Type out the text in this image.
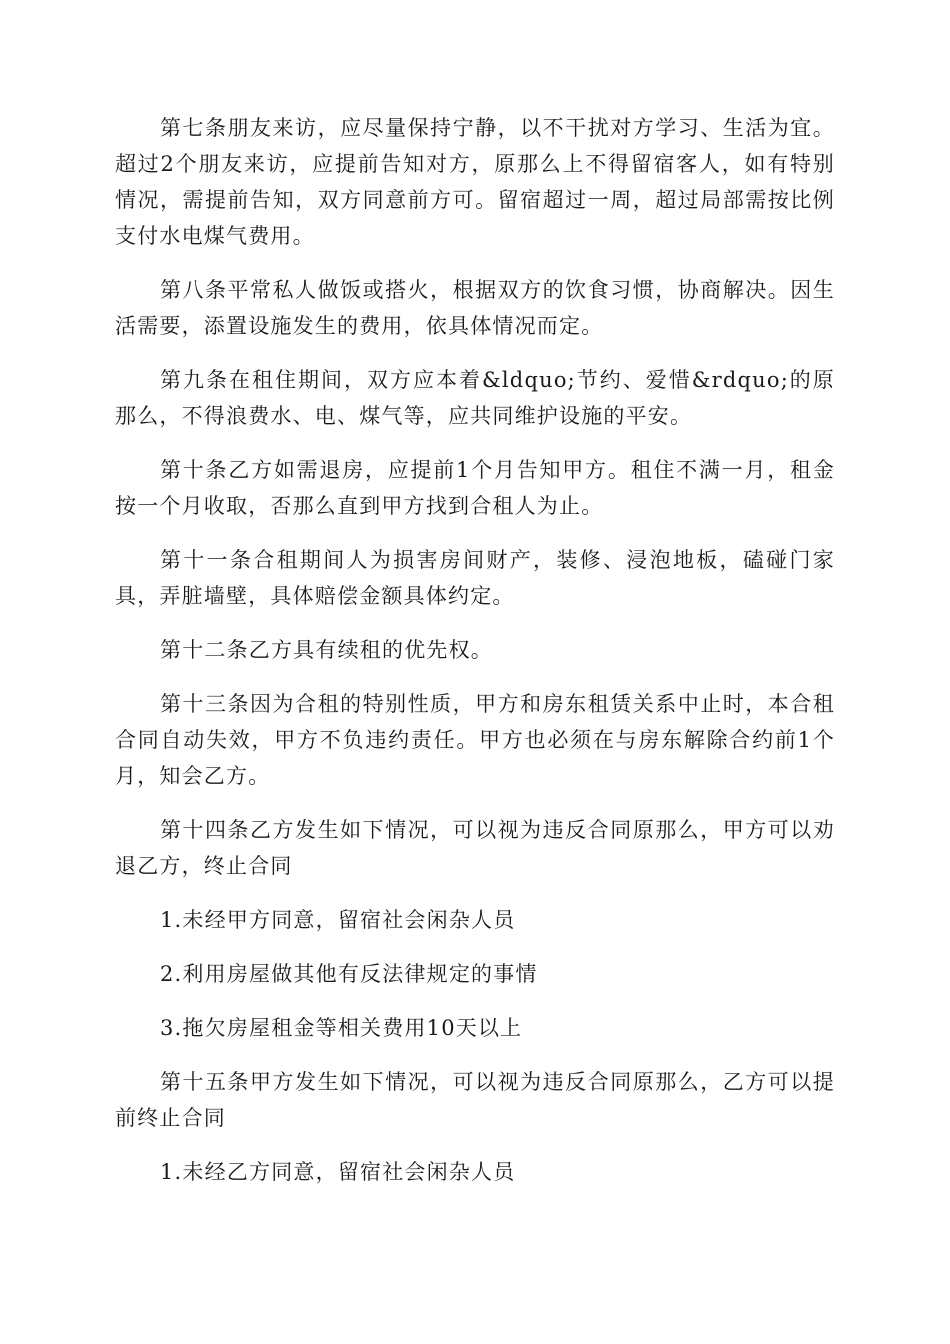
第七条朋友来访，应尽量保持宁静，以不干扰对方学习、生活为宜。超过2个朋友来访，应提前告知对方，原那么上不得留宿客人，如有特别情况，需提前告知，双方同意前方可。留宿超过一周，超过局部需按比例支付水电煤气费用。

第八条平常私人做饭或搭火，根据双方的饮食习惯，协商解决。因生活需要，添置设施发生的费用，依具体情况而定。

第九条在租住期间，双方应本着&ldquo;节约、爱惜&rdquo;的原那么，不得浪费水、电、煤气等，应共同维护设施的平安。

第十条乙方如需退房，应提前1个月告知甲方。租住不满一月，租金按一个月收取，否那么直到甲方找到合租人为止。

第十一条合租期间人为损害房间财产，装修、浸泡地板，磕碰门家具，弄脏墙壁，具体赔偿金额具体约定。

第十二条乙方具有续租的优先权。

第十三条因为合租的特别性质，甲方和房东租赁关系中止时，本合租合同自动失效，甲方不负违约责任。甲方也必须在与房东解除合约前1个月，知会乙方。

第十四条乙方发生如下情况，可以视为违反合同原那么，甲方可以劝退乙方，终止合同

1.未经甲方同意，留宿社会闲杂人员

2.利用房屋做其他有反法律规定的事情

3.拖欠房屋租金等相关费用10天以上

第十五条甲方发生如下情况，可以视为违反合同原那么，乙方可以提前终止合同

1.未经乙方同意，留宿社会闲杂人员
